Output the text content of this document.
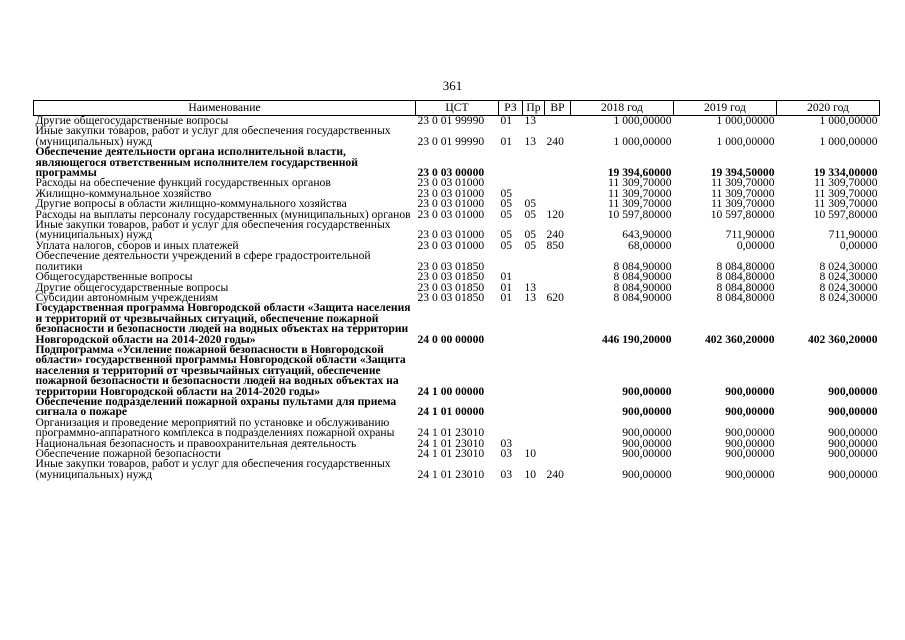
361
Наименование	ЦСТ	РЗ	Пр	ВР	2018 год	2019 год	2020 год
Другие общегосударственные вопросы	23 0 01 99990	01	13		1 000,00000	1 000,00000	1 000,00000
Иные закупки товаров, работ и услуг для обеспечения государственных (муниципальных) нужд	23 0 01 99990	01	13	240	1 000,00000	1 000,00000	1 000,00000
Обеспечение деятельности органа исполнительной власти, являющегося ответственным исполнителем государственной программы	23 0 03 00000				19 394,60000	19 394,50000	19 334,00000
Расходы на обеспечение функций государственных органов	23 0 03 01000				11 309,70000	11 309,70000	11 309,70000
Жилищно-коммунальное хозяйство	23 0 03 01000	05			11 309,70000	11 309,70000	11 309,70000
Другие вопросы в области жилищно-коммунального хозяйства	23 0 03 01000	05	05		11 309,70000	11 309,70000	11 309,70000
Расходы на выплаты персоналу государственных (муниципальных) органов	23 0 03 01000	05	05	120	10 597,80000	10 597,80000	10 597,80000
Иные закупки товаров, работ и услуг для обеспечения государственных (муниципальных) нужд	23 0 03 01000	05	05	240	643,90000	711,90000	711,90000
Уплата налогов, сборов и иных платежей	23 0 03 01000	05	05	850	68,00000	0,00000	0,00000
Обеспечение деятельности учреждений в сфере градостроительной политики	23 0 03 01850				8 084,90000	8 084,80000	8 024,30000
Общегосударственные вопросы	23 0 03 01850	01			8 084,90000	8 084,80000	8 024,30000
Другие общегосударственные вопросы	23 0 03 01850	01	13		8 084,90000	8 084,80000	8 024,30000
Субсидии автономным учреждениям	23 0 03 01850	01	13	620	8 084,90000	8 084,80000	8 024,30000
Государственная программа Новгородской области «Защита населения и территорий от чрезвычайных ситуаций, обеспечение пожарной безопасности и безопасности людей на водных объектах на территории Новгородской области на 2014-2020 годы»	24 0 00 00000				446 190,20000	402 360,20000	402 360,20000
Подпрограмма «Усиление пожарной безопасности в Новгородской области» государственной программы Новгородской области «Защита населения и территорий от чрезвычайных ситуаций, обеспечение пожарной безопасности и безопасности людей на водных объектах на территории Новгородской области на 2014-2020 годы»	24 1 00 00000				900,00000	900,00000	900,00000
Обеспечение подразделений пожарной охраны пультами для приема сигнала о пожаре	24 1 01 00000				900,00000	900,00000	900,00000
Организация и проведение мероприятий по установке и обслуживанию программно-аппаратного комплекса в подразделениях пожарной охраны	24 1 01 23010				900,00000	900,00000	900,00000
Национальная безопасность и правоохранительная деятельность	24 1 01 23010	03			900,00000	900,00000	900,00000
Обеспечение пожарной безопасности	24 1 01 23010	03	10		900,00000	900,00000	900,00000
Иные закупки товаров, работ и услуг для обеспечения государственных (муниципальных) нужд	24 1 01 23010	03	10	240	900,00000	900,00000	900,00000
